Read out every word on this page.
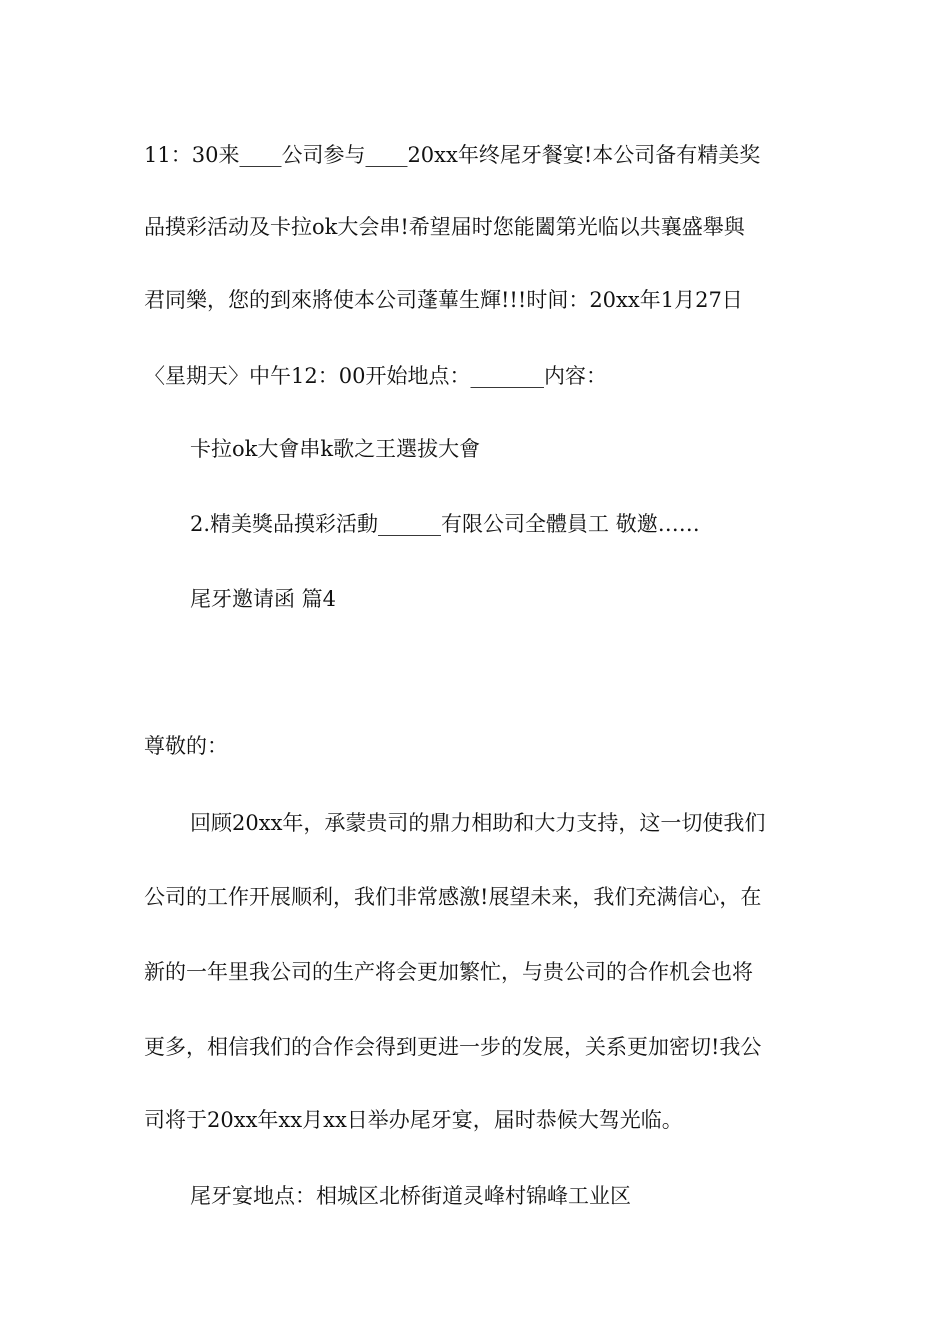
11：30来____公司参与____20xx年终尾牙餐宴!本公司备有精美奖
品摸彩活动及卡拉ok大会串!希望届时您能闔第光临以共襄盛舉與
君同樂，您的到來將使本公司蓬蓽生輝!!!时间：20xx年1月27日
〈星期天〉中午12：00开始地点：_______内容：
卡拉ok大會串k歌之王選拔大會
2.精美獎品摸彩活動______有限公司全體員工 敬邀……
尾牙邀请函 篇4
尊敬的：
回顾20xx年，承蒙贵司的鼎力相助和大力支持，这一切使我们
公司的工作开展顺利，我们非常感激!展望未来，我们充满信心，在
新的一年里我公司的生产将会更加繁忙，与贵公司的合作机会也将
更多，相信我们的合作会得到更进一步的发展，关系更加密切!我公
司将于20xx年xx月xx日举办尾牙宴，届时恭候大驾光临。
尾牙宴地点：相城区北桥街道灵峰村锦峰工业区
